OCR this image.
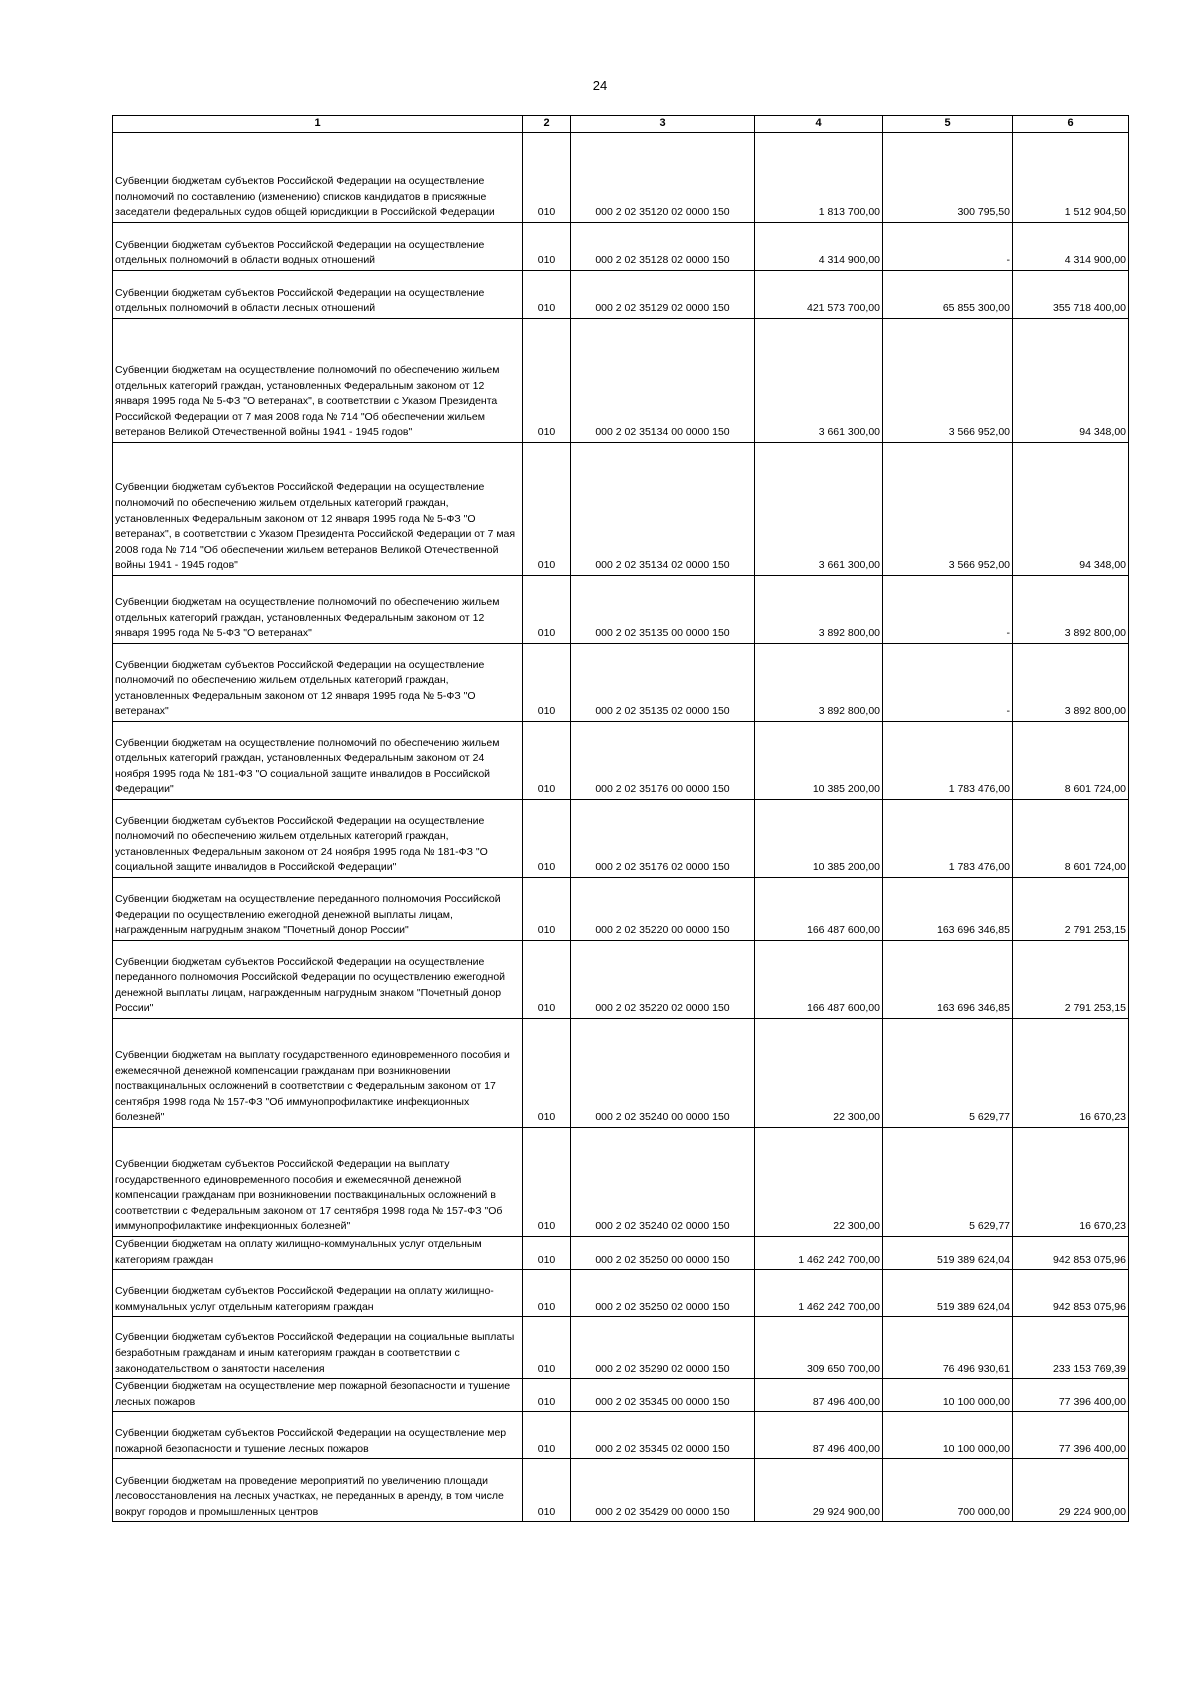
24
1	2	3	4	5	6

Субвенции бюджетам субъектов Российской Федерации на осуществление полномочий по составлению (изменению) списков кандидатов в присяжные заседатели федеральных судов общей юрисдикции в Российской Федерации	010	000 2 02 35120 02 0000 150	1 813 700,00	300 795,50	1 512 904,50

Субвенции бюджетам субъектов Российской Федерации на осуществление отдельных полномочий в области водных отношений	010	000 2 02 35128 02 0000 150	4 314 900,00	-	4 314 900,00

Субвенции бюджетам субъектов Российской Федерации на осуществление отдельных полномочий в области лесных отношений	010	000 2 02 35129 02 0000 150	421 573 700,00	65 855 300,00	355 718 400,00

Субвенции бюджетам на осуществление полномочий по обеспечению жильем отдельных категорий граждан, установленных Федеральным законом от 12 января 1995 года № 5-ФЗ "О ветеранах", в соответствии с Указом Президента Российской Федерации от 7 мая 2008 года № 714 "Об обеспечении жильем ветеранов Великой Отечественной войны 1941 - 1945 годов"	010	000 2 02 35134 00 0000 150	3 661 300,00	3 566 952,00	94 348,00

Субвенции бюджетам субъектов Российской Федерации на осуществление полномочий по обеспечению жильем отдельных категорий граждан, установленных Федеральным законом от 12 января 1995 года № 5-ФЗ "О ветеранах", в соответствии с Указом Президента Российской Федерации от 7 мая 2008 года № 714 "Об обеспечении жильем ветеранов Великой Отечественной войны 1941 - 1945 годов"	010	000 2 02 35134 02 0000 150	3 661 300,00	3 566 952,00	94 348,00

Субвенции бюджетам на осуществление полномочий по обеспечению жильем отдельных категорий граждан, установленных Федеральным законом от 12 января 1995 года № 5-ФЗ "О ветеранах"	010	000 2 02 35135 00 0000 150	3 892 800,00	-	3 892 800,00

Субвенции бюджетам субъектов Российской Федерации на осуществление полномочий по обеспечению жильем отдельных категорий граждан, установленных Федеральным законом от 12 января 1995 года № 5-ФЗ "О ветеранах"	010	000 2 02 35135 02 0000 150	3 892 800,00	-	3 892 800,00

Субвенции бюджетам на осуществление полномочий по обеспечению жильем отдельных категорий граждан, установленных Федеральным законом от 24 ноября 1995 года № 181-ФЗ "О социальной защите инвалидов в Российской Федерации"	010	000 2 02 35176 00 0000 150	10 385 200,00	1 783 476,00	8 601 724,00

Субвенции бюджетам субъектов Российской Федерации на осуществление полномочий по обеспечению жильем отдельных категорий граждан, установленных Федеральным законом от 24 ноября 1995 года № 181-ФЗ "О социальной защите инвалидов в Российской Федерации"	010	000 2 02 35176 02 0000 150	10 385 200,00	1 783 476,00	8 601 724,00

Субвенции бюджетам на осуществление переданного полномочия Российской Федерации по осуществлению ежегодной денежной выплаты лицам, награжденным нагрудным знаком "Почетный донор России"	010	000 2 02 35220 00 0000 150	166 487 600,00	163 696 346,85	2 791 253,15

Субвенции бюджетам субъектов Российской Федерации на осуществление переданного полномочия Российской Федерации по осуществлению ежегодной денежной выплаты лицам, награжденным нагрудным знаком "Почетный донор России"	010	000 2 02 35220 02 0000 150	166 487 600,00	163 696 346,85	2 791 253,15

Субвенции бюджетам на выплату государственного единовременного пособия и ежемесячной денежной компенсации гражданам при возникновении поствакцинальных осложнений в соответствии с Федеральным законом от 17 сентября 1998 года № 157-ФЗ "Об иммунопрофилактике инфекционных болезней"	010	000 2 02 35240 00 0000 150	22 300,00	5 629,77	16 670,23

Субвенции бюджетам субъектов Российской Федерации на выплату государственного единовременного пособия и ежемесячной денежной компенсации гражданам при возникновении поствакцинальных осложнений в соответствии с Федеральным законом от 17 сентября 1998 года № 157-ФЗ "Об иммунопрофилактике инфекционных болезней"	010	000 2 02 35240 02 0000 150	22 300,00	5 629,77	16 670,23

Субвенции бюджетам на оплату жилищно-коммунальных услуг отдельным категориям граждан	010	000 2 02 35250 00 0000 150	1 462 242 700,00	519 389 624,04	942 853 075,96

Субвенции бюджетам субъектов Российской Федерации на оплату жилищно-коммунальных услуг отдельным категориям граждан	010	000 2 02 35250 02 0000 150	1 462 242 700,00	519 389 624,04	942 853 075,96

Субвенции бюджетам субъектов Российской Федерации на социальные выплаты безработным гражданам и иным категориям граждан в соответствии с законодательством о занятости населения	010	000 2 02 35290 02 0000 150	309 650 700,00	76 496 930,61	233 153 769,39

Субвенции бюджетам на осуществление мер пожарной безопасности и тушение лесных пожаров	010	000 2 02 35345 00 0000 150	87 496 400,00	10 100 000,00	77 396 400,00

Субвенции бюджетам субъектов Российской Федерации на осуществление мер пожарной безопасности и тушение лесных пожаров	010	000 2 02 35345 02 0000 150	87 496 400,00	10 100 000,00	77 396 400,00

Субвенции бюджетам на проведение мероприятий по увеличению площади лесовосстановления на лесных участках, не переданных в аренду, в том числе вокруг городов и промышленных центров	010	000 2 02 35429 00 0000 150	29 924 900,00	700 000,00	29 224 900,00
